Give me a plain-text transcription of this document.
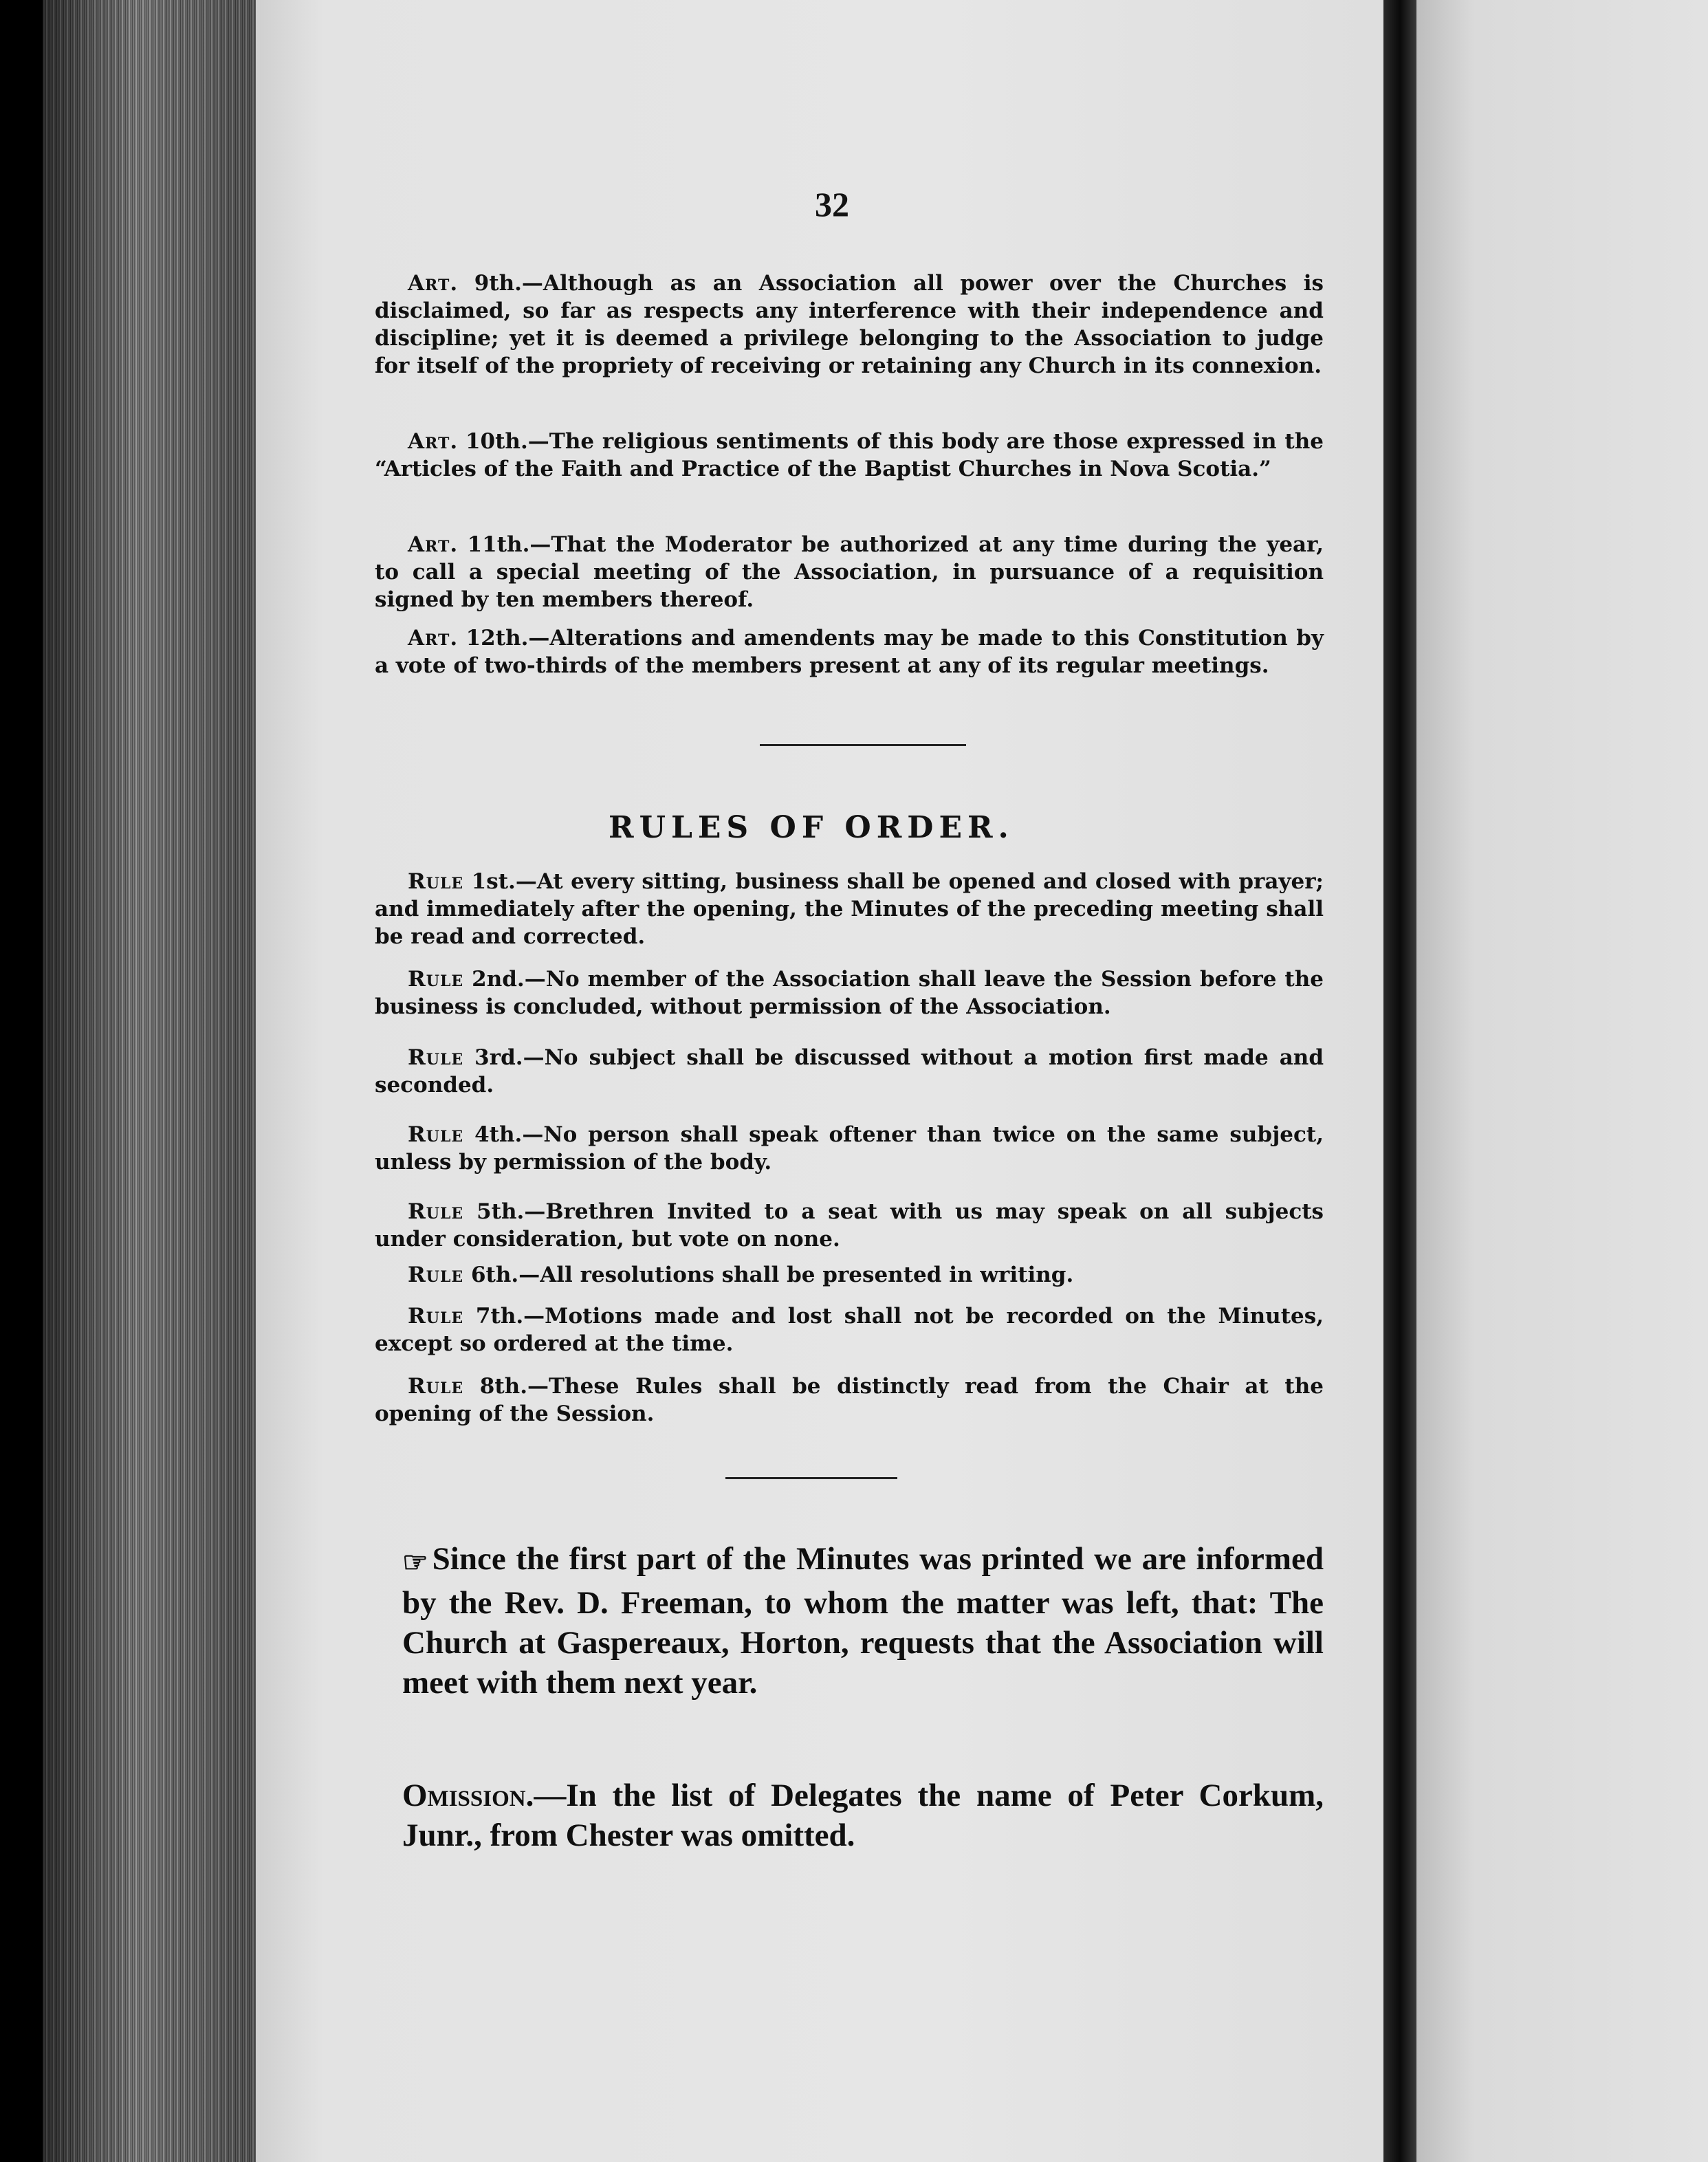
32

Art. 9th.—Although as an Association all power over the Churches is disclaimed, so far as respects any interference with their independence and discipline; yet it is deemed a privilege belonging to the Association to judge for itself of the propriety of receiving or retaining any Church in its connexion.

Art. 10th.—The religious sentiments of this body are those expressed in the “Articles of the Faith and Practice of the Baptist Churches in Nova Scotia.”

Art. 11th.—That the Moderator be authorized at any time during the year, to call a special meeting of the Association, in pursuance of a requisition signed by ten members thereof.

Art. 12th.—Alterations and amendents may be made to this Constitution by a vote of two-thirds of the members present at any of its regular meetings.

RULES OF ORDER.

Rule 1st.—At every sitting, business shall be opened and closed with prayer; and immediately after the opening, the Minutes of the preceding meeting shall be read and corrected.

Rule 2nd.—No member of the Association shall leave the Session before the business is concluded, without permission of the Association.

Rule 3rd.—No subject shall be discussed without a motion first made and seconded.

Rule 4th.—No person shall speak oftener than twice on the same subject, unless by permission of the body.

Rule 5th.—Brethren Invited to a seat with us may speak on all subjects under consideration, but vote on none.

Rule 6th.—All resolutions shall be presented in writing.

Rule 7th.—Motions made and lost shall not be recorded on the Minutes, except so ordered at the time.

Rule 8th.—These Rules shall be distinctly read from the Chair at the opening of the Session.

☞ Since the first part of the Minutes was printed we are informed by the Rev. D. Freeman, to whom the matter was left, that: The Church at Gaspereaux, Horton, requests that the Association will meet with them next year.

Omission.—In the list of Delegates the name of Peter Corkum, Junr., from Chester was omitted.
